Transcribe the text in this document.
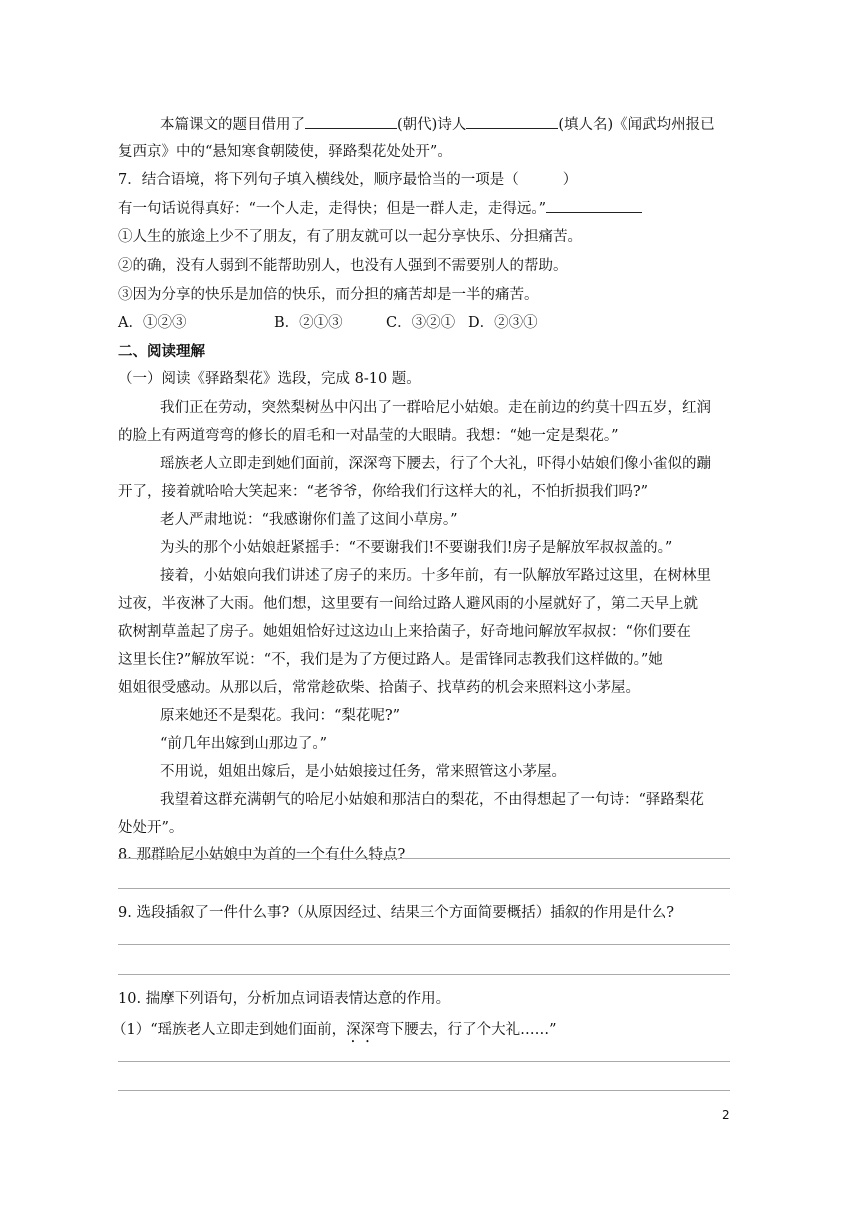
本篇课文的题目借用了	(朝代)诗人	(填人名)《闻武均州报已
复西京》中的“悬知寒食朝陵使，驿路梨花处处开”。
7．结合语境，将下列句子填入横线处，顺序最恰当的一项是（	）
有一句话说得真好：“一个人走，走得快；但是一群人走，走得远。”
①人生的旅途上少不了朋友，有了朋友就可以一起分享快乐、分担痛苦。
②的确，没有人弱到不能帮助别人，也没有人强到不需要别人的帮助。
③因为分享的快乐是加倍的快乐，而分担的痛苦却是一半的痛苦。
A．①②③	B．②①③	C．③②① D．②③①
二、阅读理解
（一）阅读《驿路梨花》选段，完成 8-10 题。
我们正在劳动，突然梨树丛中闪出了一群哈尼小姑娘。走在前边的约莫十四五岁，红润
的脸上有两道弯弯的修长的眉毛和一对晶莹的大眼睛。我想：“她一定是梨花。”
瑶族老人立即走到她们面前，深深弯下腰去，行了个大礼，吓得小姑娘们像小雀似的蹦
开了，接着就哈哈大笑起来：“老爷爷，你给我们行这样大的礼，不怕折损我们吗?”
老人严肃地说：“我感谢你们盖了这间小草房。”
为头的那个小姑娘赶紧摇手：“不要谢我们!不要谢我们!房子是解放军叔叔盖的。”
接着，小姑娘向我们讲述了房子的来历。十多年前，有一队解放军路过这里，在树林里
过夜，半夜淋了大雨。他们想，这里要有一间给过路人避风雨的小屋就好了，第二天早上就
砍树割草盖起了房子。她姐姐恰好过这边山上来拾菌子，好奇地问解放军叔叔：“你们要在
这里长住?”解放军说：“不，我们是为了方便过路人。是雷锋同志教我们这样做的。”她
姐姐很受感动。从那以后，常常趁砍柴、拾菌子、找草药的机会来照料这小茅屋。
原来她还不是梨花。我问：“梨花呢?”
“前几年出嫁到山那边了。”
不用说，姐姐出嫁后，是小姑娘接过任务，常来照管这小茅屋。
我望着这群充满朝气的哈尼小姑娘和那洁白的梨花，不由得想起了一句诗：“驿路梨花
处处开”。
8. 那群哈尼小姑娘中为首的一个有什么特点?
9. 选段插叙了一件什么事?（从原因经过、结果三个方面简要概括）插叙的作用是什么?
10. 揣摩下列语句，分析加点词语表情达意的作用。
（1）“瑶族老人立即走到她们面前，深深弯下腰去，行了个大礼……”
2
